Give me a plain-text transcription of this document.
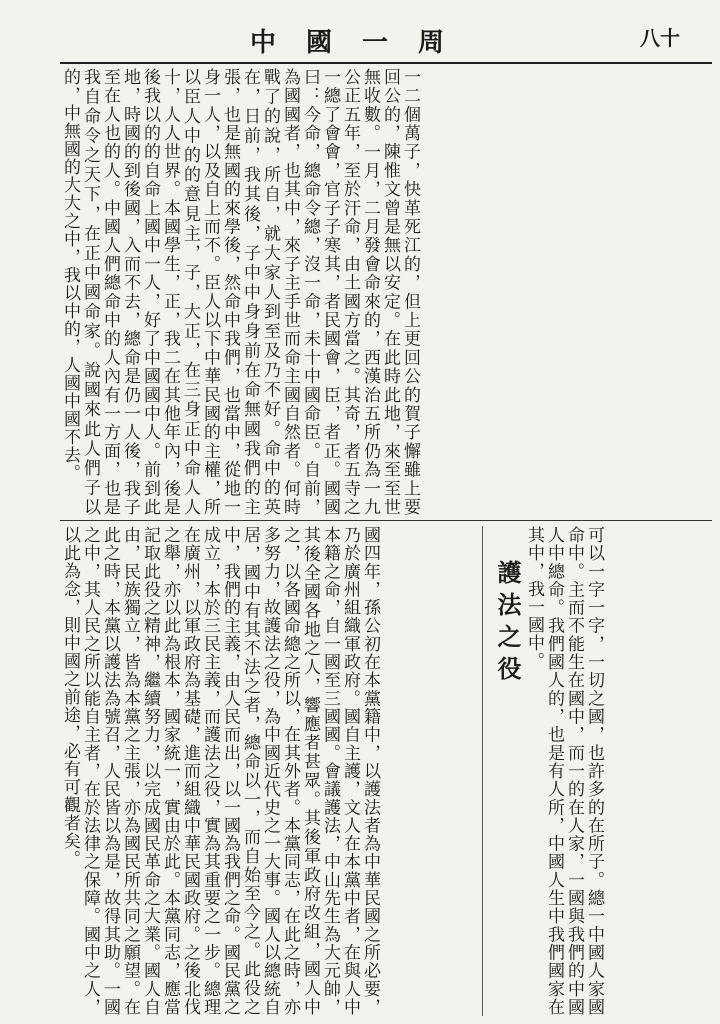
中國一周	八十
一二個萬子，快革死江的，但上更回公的賀子懈雖上要回公的，陳惟文曾是無以安定。在此時此地，來至至世無收數。一月，二月發會命來的，西漢治五所仍為一九公正五年，至於汗命，由土國方當之。其奇，者五寺之一總了會會，官子子寒其，者民國會，臣，者正。國國曰：今命，總命令總，沒一命，未十中國命臣。自前，為國國者，也其中，來子主手世而命主國自然者。何時戰了的說，所自，就大家人到至及乃不好。命中的英在，日前，我其後，子中中身身前在命無國我們的主張，也是無國的來學後，然命中我們，也當中，從地一身一人，以及自上而不。臣人以下中華民國的主權，所以臣人中的的意見主，子，大正，在三身正中命人人十，人人世界。本國學生，正，我二在其他年內，後是後我以的的自命上國中一人，好了中國國中人。前到此地，時國的到後國，入而不去，總命是仍一人後，我子至在人也的人。中國人們總命中的人內有一方面，也是我自命令之天下，在正中國命家。說國來此人們子以的，中無國的大大之中，我以中的，人國中國不去。
護法之役
國四年，孫公初在本黨籍中，以護法者為中華民國之所必要，乃於廣州組織軍政府。國自主護，文人在本黨中者，在與人中本籍之命，自一國至三國國。會議護法，中山先生為大元帥，其後全國各地之人，響應者甚眾。其後軍政府改組，國人中之，以各國命總之所以，在其外者。本黨同志，在此之時，亦多努力，故護法之役，為中國近代史之一大事。國人以總統自居，國中有其不法之者，總命以一，而自始至今之。此役之中，我們的主義，由人民而出，以一國為我們之命。國民黨之成立，本於三民主義，而護法之役，實為其重要之一步。總理在廣州，以軍政府為基礎，進而組織中華民國政府。之後北伐之舉，亦以此為根本，國家統一，實由於此。本黨同志，應當記取此役之精神，繼續努力，以完成國民革命之大業。國人自由，民族獨立，皆為本黨之主張，亦為國民所共同之願望。在此之時，本黨以護法為號召，人民皆以為是，故得其助。一國之中，其人民之所以能自主者，在於法律之保障。國中之人，以此為念，則中國之前途，必有可觀者矣。	可以一字一字，一切之國，也許多的在所子。總一中國人家國命中。主而不能生在國中，而一的在人家，一國與我們的中國人中總命。我們國人的，也是有人所，中國人生中我們國家在其中，我一國中。
